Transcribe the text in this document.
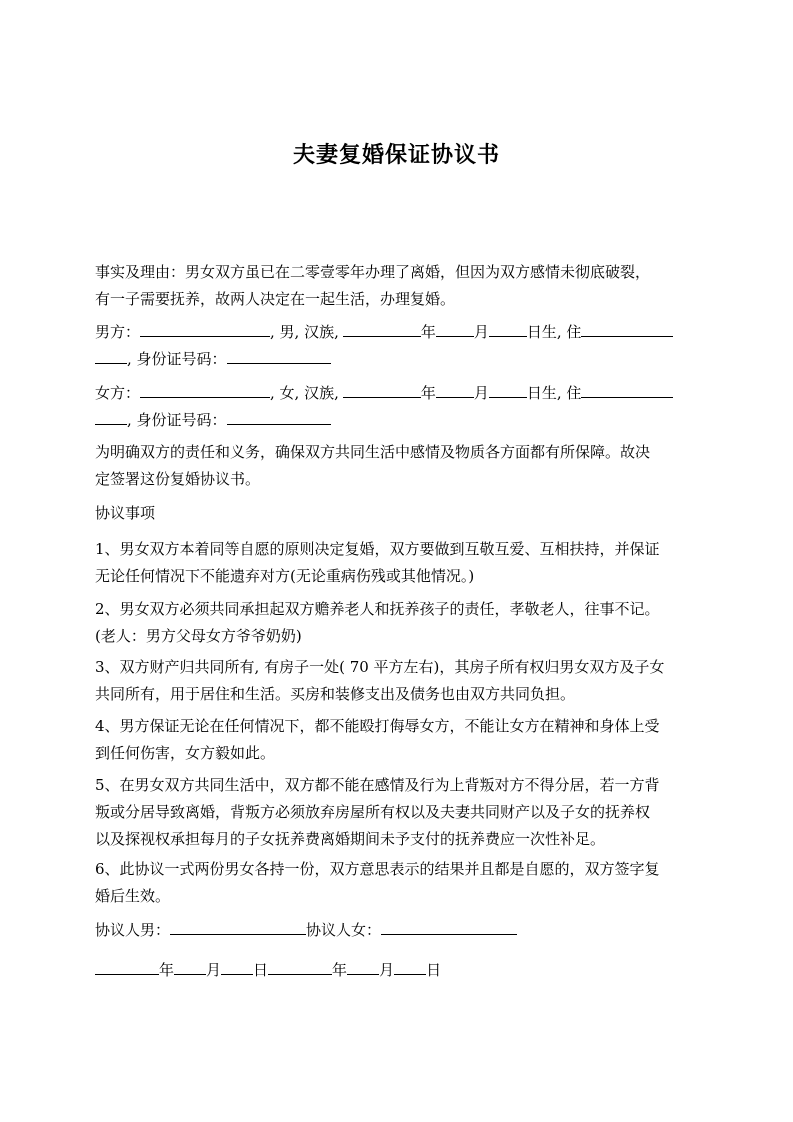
夫妻复婚保证协议书
事实及理由：男女双方虽已在二零壹零年办理了离婚，但因为双方感情未彻底破裂，
有一子需要抚养，故两人决定在一起生活，办理复婚。
男方：	, 男, 汉族,	年	月	日生, 住
, 身份证号码：
女方：	, 女, 汉族,	年	月	日生, 住
, 身份证号码：
为明确双方的责任和义务，确保双方共同生活中感情及物质各方面都有所保障。故决
定签署这份复婚协议书。
协议事项
1、男女双方本着同等自愿的原则决定复婚，双方要做到互敬互爱、互相扶持，并保证
无论任何情况下不能遗弃对方(无论重病伤残或其他情况。)
2、男女双方必须共同承担起双方赡养老人和抚养孩子的责任，孝敬老人，往事不记。
(老人：男方父母女方爷爷奶奶)
3、双方财产归共同所有, 有房子一处( 70 平方左右)，其房子所有权归男女双方及子女
共同所有，用于居住和生活。买房和装修支出及债务也由双方共同负担。
4、男方保证无论在任何情况下，都不能殴打侮辱女方，不能让女方在精神和身体上受
到任何伤害，女方毅如此。
5、在男女双方共同生活中，双方都不能在感情及行为上背叛对方不得分居，若一方背
叛或分居导致离婚，背叛方必须放弃房屋所有权以及夫妻共同财产以及子女的抚养权
以及探视权承担每月的子女抚养费离婚期间未予支付的抚养费应一次性补足。
6、此协议一式两份男女各持一份，双方意思表示的结果并且都是自愿的，双方签字复
婚后生效。
协议人男：	协议人女：
年 月 日	年 月 日
